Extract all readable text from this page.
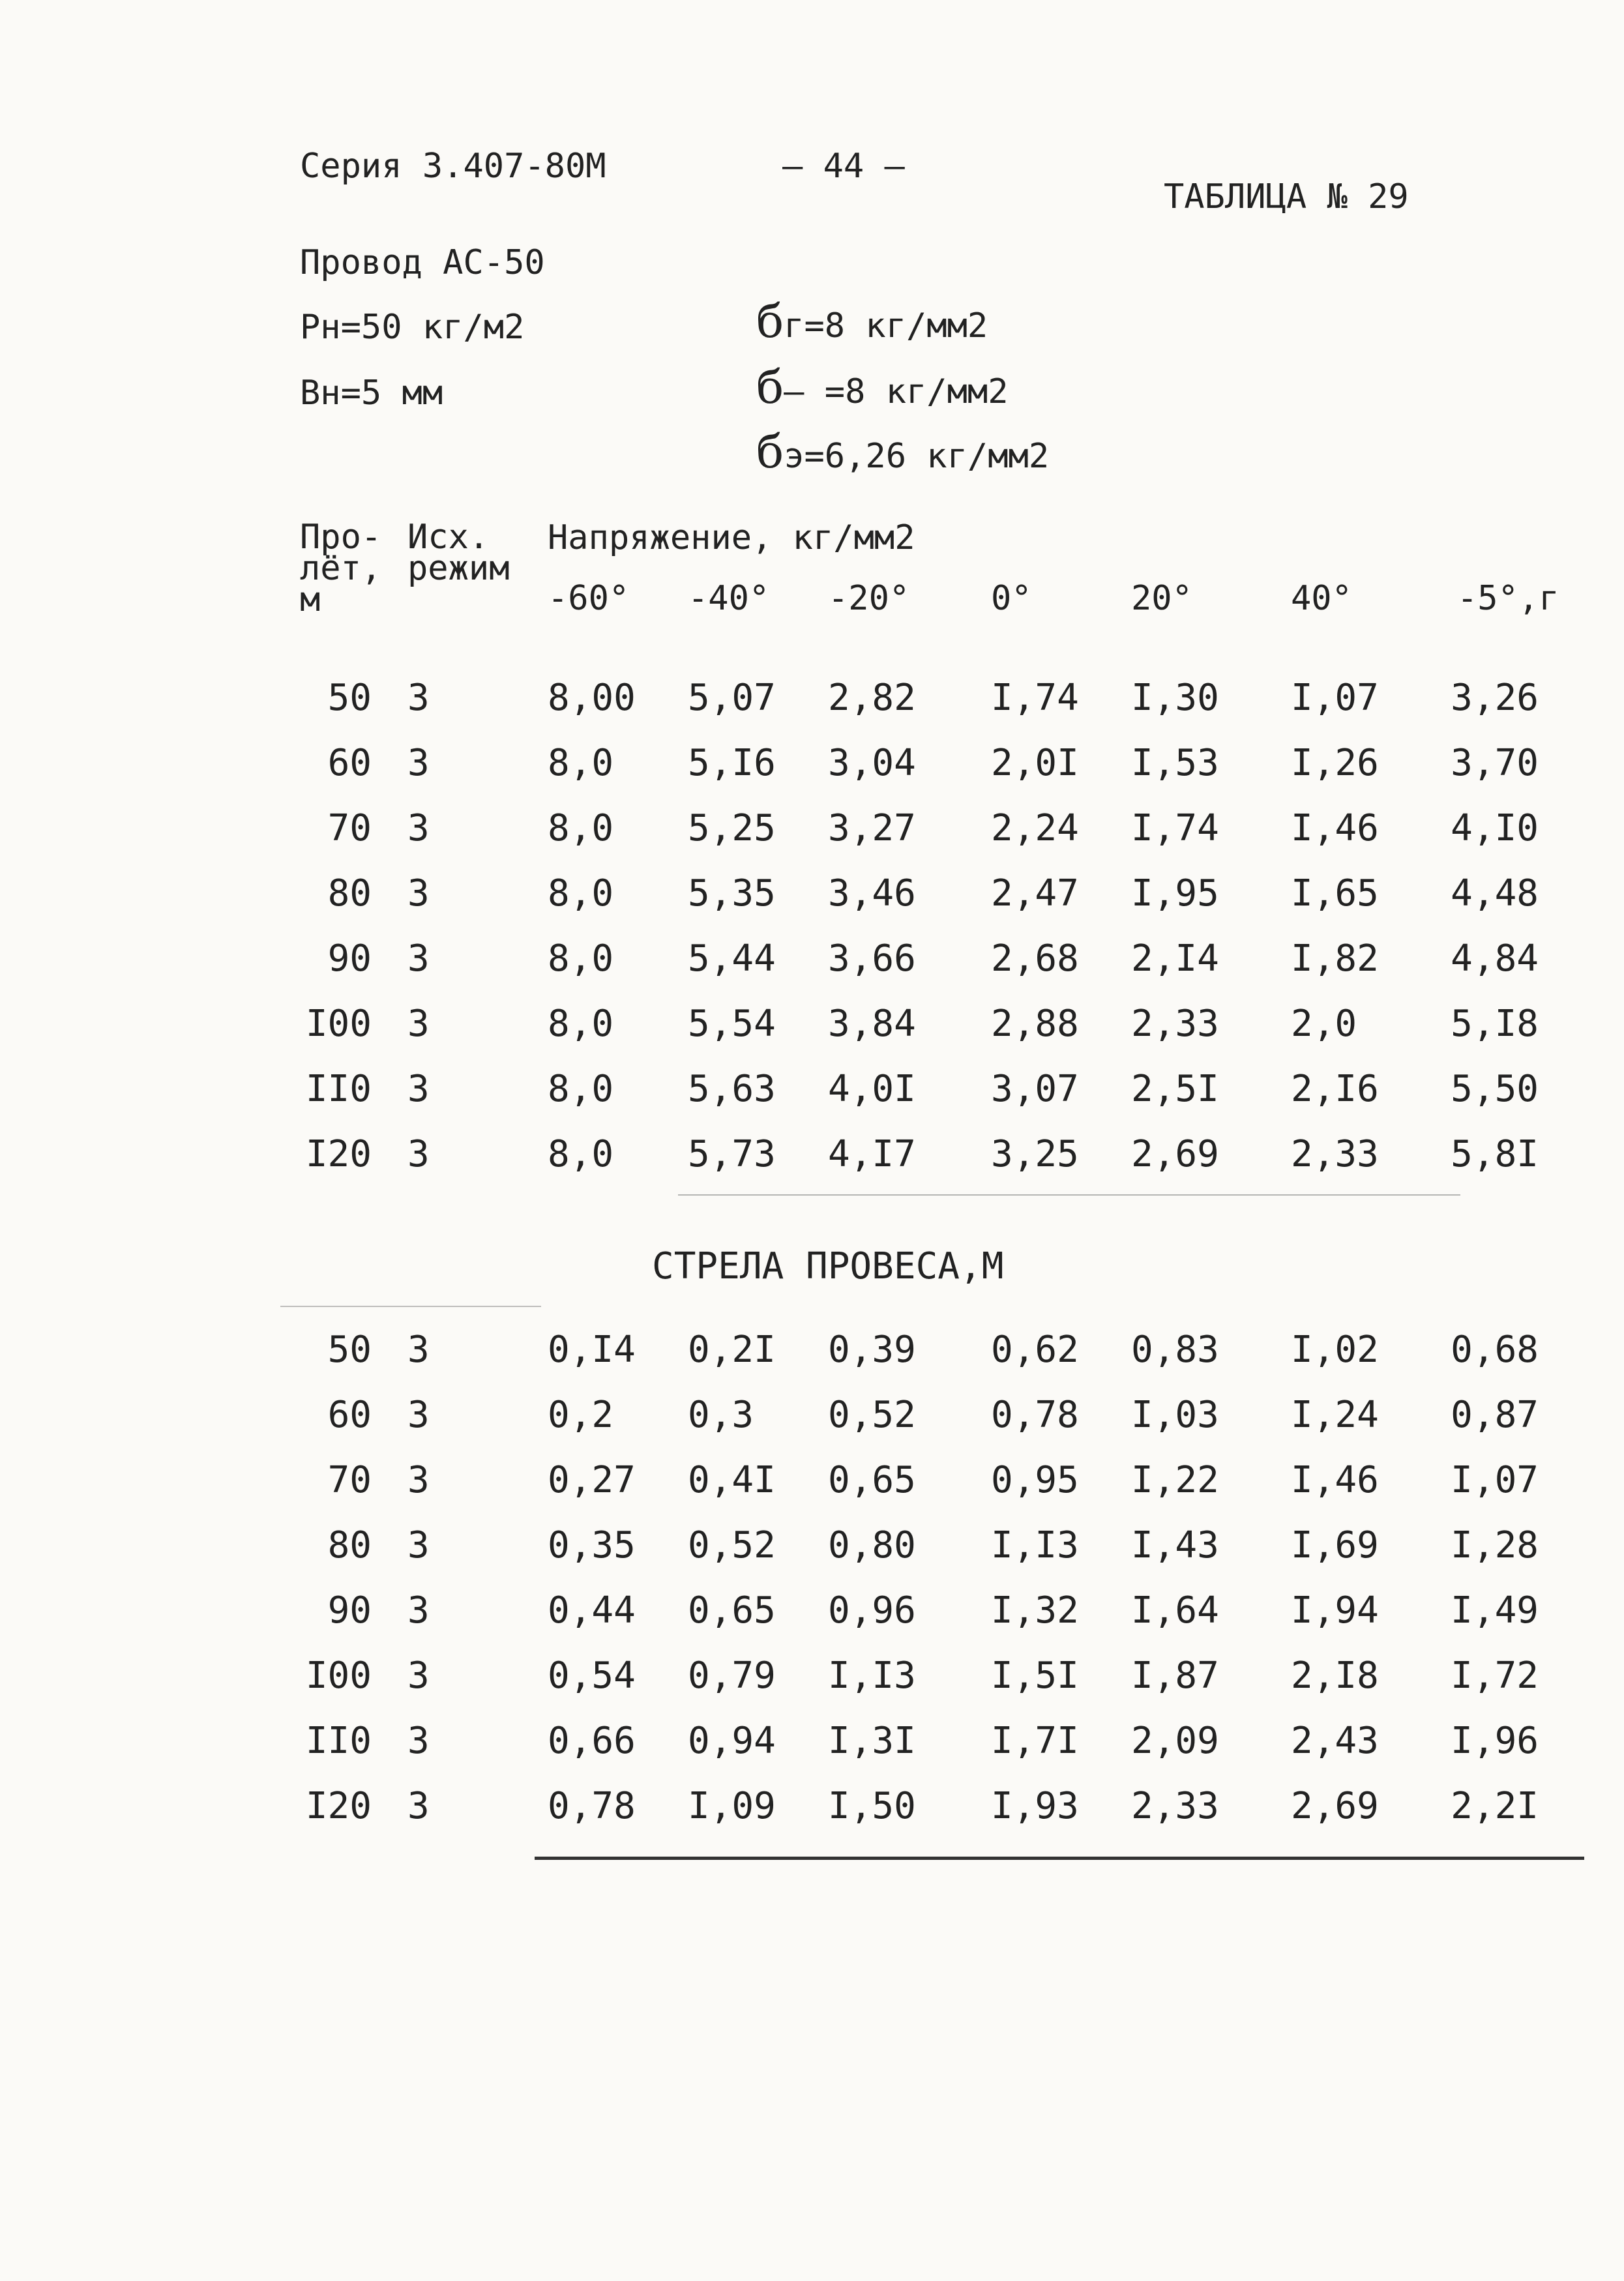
Серия 3.407-80М	– 44 –
ТАБЛИЦА № 29
Провод АС-50
Рн=50 кг/м2
Вн=5 мм
бг=8 кг/мм2
б– =8 кг/мм2
бэ=6,26 кг/мм2
Про-
лёт,
м
Исх.
режим
Напряжение, кг/мм2
-60° -40° -20° 0°	20°	40°	-5°,г
50 3	8,00 5,07 2,82 I,74 I,30 I,07	3,26
60 3	8,0 5,I6 3,04 2,0I I,53 I,26	3,70
70 3	8,0 5,25 3,27 2,24 I,74 I,46	4,I0
80 3	8,0 5,35 3,46 2,47 I,95 I,65	4,48
90 3	8,0 5,44 3,66 2,68 2,I4 I,82	4,84
I00 3	8,0 5,54 3,84 2,88 2,33 2,0	5,I8
II0 3	8,0 5,63 4,0I 3,07 2,5I 2,I6	5,50
I20 3	8,0 5,73 4,I7 3,25 2,69 2,33	5,8I
СТРЕЛА ПРОВЕСА,М
50 3	0,I4 0,2I 0,39 0,62 0,83 I,02	0,68
60 3	0,2 0,3 0,52 0,78 I,03 I,24	0,87
70 3	0,27 0,4I 0,65 0,95 I,22 I,46	I,07
80 3	0,35 0,52 0,80 I,I3 I,43 I,69	I,28
90 3	0,44 0,65 0,96 I,32 I,64 I,94	I,49
I00 3	0,54 0,79 I,I3 I,5I I,87 2,I8	I,72
II0 3	0,66 0,94 I,3I I,7I 2,09 2,43	I,96
I20 3	0,78 I,09 I,50 I,93 2,33 2,69	2,2I
